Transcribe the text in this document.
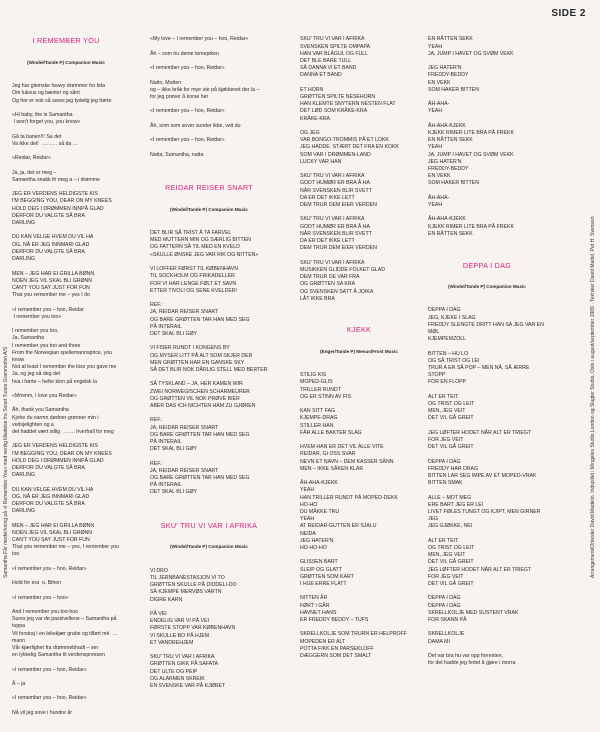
SIDE 2
Samantha Får medvirkning på »I Remember You« med venlig tilladelse fra Sonet Tunes Grammofon A/S	Arrangement/Orkester David Madelin. Indspillet i Mingeles Studio London og Slagter Studio, Oslo i august/september 1989 · Tekniker David Madel. Pet H. Svenson

I REMEMBER YOU

(Windel/Tande P) Companion Music

Jeg har glemske heavy drømmer for tida
Om luksus og bæster og sånt
Og her er nok så sures jeg tydelig jeg hørte

«Hi baby, the is Samantha
I won't forget you, you know»

Gå ta banen!!! Sa det
Va ikke det!  ……… så da …

«Reidar, Reidar»

Ja, ja, det er meg –
Samantha snakk fri meg a – i drømme

JEG ER VERDENS HELDIGSTE KIS
I'M BEGGING YOU, DEAR ON MY KNEES
HOLD DEG I DRØMMEN INNPÅ GLAD
DERFOR DU VALGTE SÅ BRA
DARLING

DU KAN VELGE HVEM DU VIL HA
OG, NÅ ER JEG INNMARI GLAD
DERFOR DU VALGTE SÅ BRA
DARLING

MEN – JEG HAR EI GRILLA BØNN
NOEN JEG VIL SKAL BLI GRØNN
CAN'T YOU SAY JUST FOR FUN
That you remember me – yes I do

«I remember you – hoo, Reidar
I remember you too»

I remember you too,
Ja, Samantha
I remember you too and three
From the Norwegian spellemannsprice, you know
Not at least I remember the kiss you gave me
Ja, og jeg så deg det
hva i hørte – hefer kinn på engelsk la

«Mmmm, I love you Reidar»

Åh, thank you Samantha
Kjohe du varmn dødner-grønner min i vedsjelighten og a
det haddet vært stilig  ……. hverfrall for meg

JEG ER VERDENS HELDIGSTE KIS
I'M BEGGING YOU, DEAR ON MY KNEES
HOLD DEG I DRØMMEN INNPÅ GLAD
DERFOR DU VALGTE SÅ BRA
DARLING

DU KAN VELGE HVEM DU VIL HA
OG, NÅ ER JEG INNMARI GLAD
DERFOR DU VALGTE SÅ BRA
DARLING

MEN – JEG HAR EI GRILLA BØNN
NOEN JEG VIL SKAL BLI GRØNN
CAN'T YOU SAY JUST FOR FUN
That you remember me – yes, I remember you too

«I remember you – hoo, Reidar»

Hold for era  o, Bihen

«I remember you – hoo»

And I remember you too-hoo
Sures jeg var de passivellene – Samantha på tuppa
Vil forstraj i en lekekjær grahe og tilført mé  …  mann
Vår kjærlighet fra drømmebhadt – ser
en lykkelig Samantha til verdenspressen

«I remember you – hoo, Reidar»

Å – ja

«I remember you – hoo, Reidar»

Nå vil jeg sove i hundre år

«My love – I remember you – hoo, Reidar»

Åh – som hu deme tomepiken

«I remember you – hoo, Reidar»

Natto, Mutten
og – ikke bråk for mye ute på kjøkkenet der la –
for jeg prøver å korse her

«I remember you – hoo, Reidar»

Åh, som som sover sunder ikke, veit du

«I remember you – hoo, Reidar»

Natta, Samantha, natta

REIDAR REISER SNART

(Windel/Tande P) Companion Music

DET BLIR SÅ TRIST Å TA FARVEL
MED MUTTERN MIN OG SÆRLIG BITTEN
OG FATTERN SÅ TIL MED EN KVELD
«SKULLE ØNSKE JEG VAR RIK OG NITTEN»

VI LOFFER FØRST TIL KØBENHAVN
TIL SOCKHOLM OG FRIKADELLER
FOR VI HAR LENGE FØLT ET SAVN
ETTER TIVOLI OG SENE KVELDER!

REF.:
JA, REIDAR REISER SNART
OG BARE GRØTTEN TAR HAN MED SEG
PÅ INTERAIL
DET SKAL BLI GØY

VI FISER RUNDT I KONGENS BY
OG MYSER LITT PÅ ALT SOM SKJER DER
MEN GRØTTEN HAR EN GANSKE SKY
SÅ DET BLIR NOK DÅRLIG STELL MED BERTER

SÅ TYSKLAND – JA, HER KAMEN WIR
ZWEI NORWEGISCHEN SCHARMEURER
OG GRØTTEN VIL NOK PRØVE BIER
ABER DAS ICH NICHTEN HAM ZU GJØREN

REF.:
JA, REIDAR REISER SNART
OG BARE GRØTTEN TAR HAN MED SEG
PÅ INTERAIL
DET SKAL BLI GØY

REF.:
JA, REIDAR REISER SNART
OG BARE GRØTTEN TAR HAN MED SEG
PÅ INTERAIL
DET SKAL BLI GØY

SKU' TRU VI VAR I AFRIKA

(Windel/Tande P) Companion Music

VI DRO
TIL JERNBANESTASJON VI TO
GRØTTEN SKULLE PÅ DIDDELI-DO
SÅ KJEMPE MERVØS VARTN
DIGRE KARN

PÅ VEI
ENDELIG VAR VI PÅ VEI
FØRSTE STOPP VAR KØBENHAVN
VI SKULLE BO PÅ HJEM
ET VANDREHJEM

SKU' TRU VI VAR I AFRIKA
GRØTTEN GIKK PÅ SAFATA
DET ULTE OG PEIP
OG ALARMEN SKREIK
EN SVENSKE VAR PÅ KJØRET

SKU' TRU VI VAR I AFRIKA
SVENSKEN SPILTE OMPAPA
HAN VAR BLÅGUL OG FULL
DET BLE BARE TULL
SÅ DANNA VI ET BAND
DANNA ET BAND

ET HORN
GRØTTEN SPILTE NESEHORN
HAN KLEMTE SNYTERN NESTEN FLAT
DET LØD SOM KRÅKE-KRA
KRÅKE-KRA

OG JEG
VAR BONGO-TROMMIS PÅ ET LOKK
JEG HADDE  STÆRT DET FRA EN KOKK
SOM VAR I DRØMMEN-LAND
LUCKY VAR HAN

SKU' TRU VI VAR I AFRIKA
GODT HUMØR ER BRA Å HA
NÅR SVENSKEN BLIR SVETT
DA ER DET IKKE LETT
DEM TRUR DEM EIER VERDEN

SKU' TRU VI VAR I AFRIKA
GODT HUMØR ER BRA Å HA
NÅR SVENSKEN BLIR SVETT
DA ER DET IKKE LETT
DEM TRUR DEM EIER VERDEN

SKU' TRU VI VAR I AFRIKA
MUSIKKEN GLIDDE FOLKET GLAD
DEM TRUR DE VAR FRA
OG GRØTTEN SA KRA
OG SVENSKEN SATT Å JOIKA
LÅT IKKE BRA

KJEKK

(Enger/Tande P) Menus/Frost Music

STILIG KIS
MOPED-GLIS
TRILLER RUNDT
OG ER STINN AV FIS

KAN SITT FAG
KJEMPE-DRAG
STILLER HAN
FÅR ALLE BAKTER SLAG

HVEM HAN ER DET VIL ALLE VITE
REIDAR, GI OSS SVAR
NEVN ET NAVN – DEM KASSER SÅNN
MEN – IKKE SÅKEN KLAR

ÅH-AHA-KJEKK
YEAH
HAN TRILLER RUNDT PÅ MOPED-DEKK
HO-HO
DU MÅKKE TRU
YEAH
AT REIDAR-GUTTEN ER SJALU
NEIDA
JEG HATER'N
HO-HO-HO

GLISSEN BART
SLEIP OG GLATT
GRØTTEN SOM KART
I HUE ERRE FLATT

NITTEN ÅR
FØRT I GÅR
HAVNET HANS
ER FREDDY BEDDY – TUFS

SKRELLKOLJE SOM TRURN ER HELPROFF
MOPEDEN ER ALT
POTTA FIKK EN PARSEKLOFF
DÆGGERN SOM DET SMALT

EN RÅTTEN SEKK
YEAH
JA, JUMP I HAVET OG SVØM VEKK

JEG HATER'N
FREDDY-BEDDY
EN VEKK
SOM HAKER BITTEN

ÅH-AHA-
YEAH

ÅH-AHA-KJEKK
KJEKK RIMER LITE BRA PÅ FREKK
EN RÅTTEN SEKK
YEAH
JA, JUMP I HAVET OG SVØM VEKK
JEG HATER'N
FREDDY-BEDDY
EN VEKK
SOM HAKER BITTEN

ÅH-AHA-
YEAH

ÅH-AHA-KJEKK
KJEKK RIMER LITE BRA PÅ FREKK
EN RÅTTEN SEKK

DEPPA I DAG

(Windel/Tande P) Companion Music

DEPPA I DAG
JEG, KJEKE I SLAG
FREDDY SLENGTE DRITT HAN SA JEG VAR EN MØL
KJEMPEMZOLL

BITTEN – HU LO
OG SÅ TRIST OG LEI
TRUR A ER SÅ POP – MEN NÅ, SÅ ÆRRE STOPP
FOR EN FLOPP

ALT ER TEIT
OG TRIST OG LEIT
MEN, JEG VEIT
DET VIL GÅ GREIT

JEG LØFTER HODET NÅR ALT ER TRIEGT
FOR JEG VEIT
DET VIL GÅ GREIT

DEPPA I DAG
FREDDY HAR DRAG
BITTEN LAR SEG IMPE AV ET MOPED-VRAK
BITTEN SMAK

ALLE – MOT MEG
ERE BART JEG ER LEI
LIVET FØLES TUNGT OG KJIPT, MEN GIRNER JEG
JEG GJØKKE, NEI

ALT ER TEIT
OG TRIST OG LEIT
MEN, JEG VEIT
DET VIL GÅ GREIT
JEG LØFTER HODET NÅR ALT ER TRIEGT
FOR JEG VEIT
DET VIL GÅ GREIT

DEPPA I DAG
DEPPA I DAG
SKRELLKOLJE MED SUSTENT VRAK
FOR SKANN PÅ

SKRELLKOLJE
DAMA MI

Det var bra hu var opp forresten,
for det hadde jeg fertet å gjøre i morra
